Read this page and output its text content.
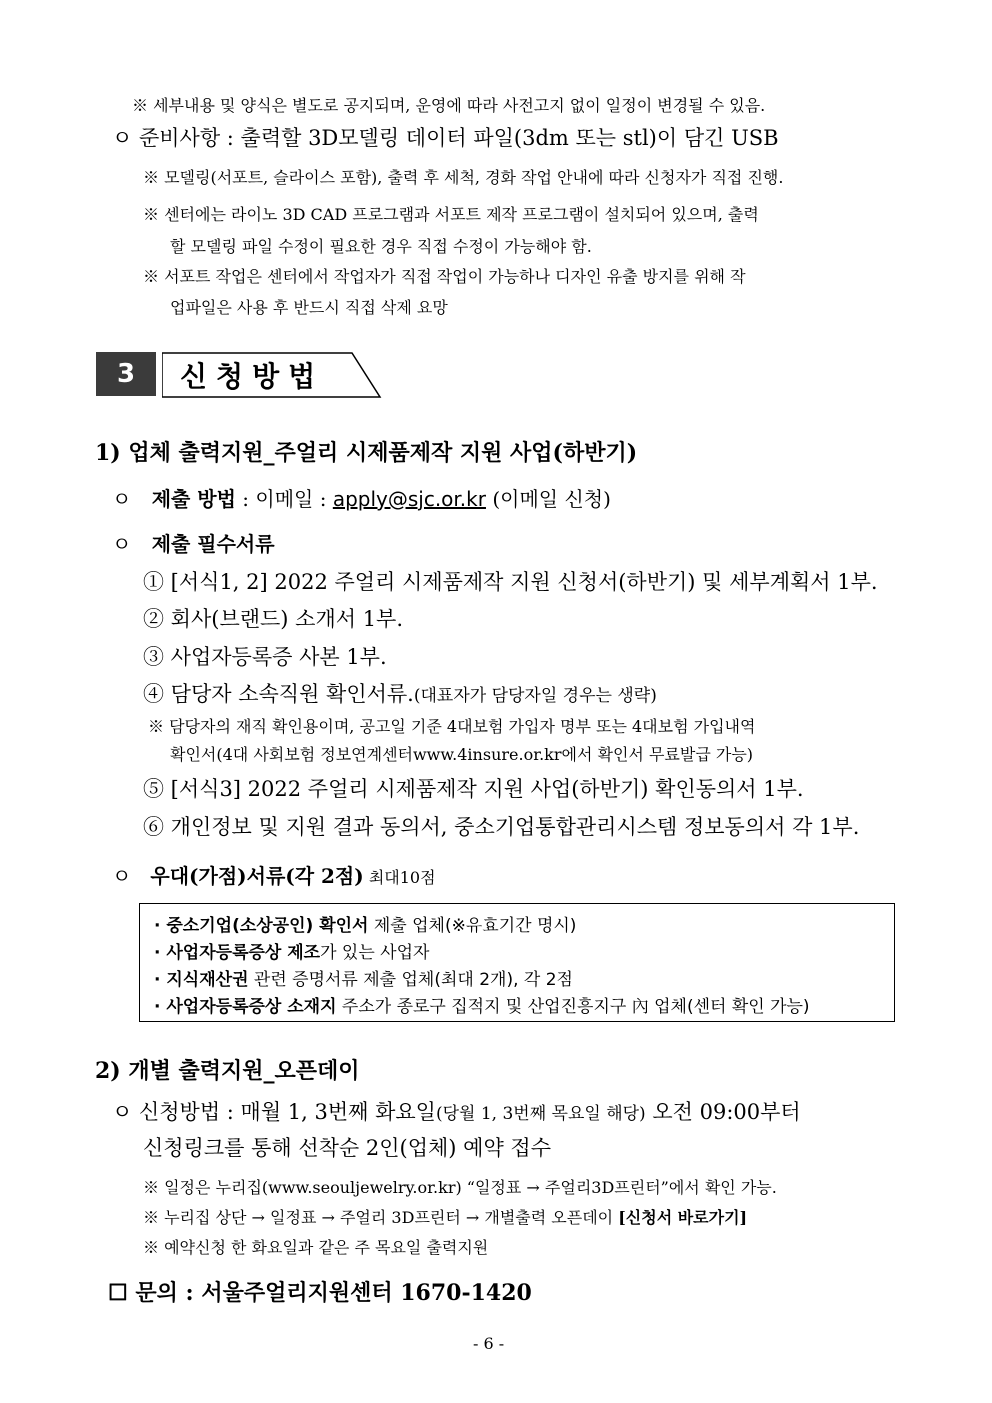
※ 세부내용 및 양식은 별도로 공지되며, 운영에 따라 사전고지 없이 일정이 변경될 수 있음.
ㅇ 준비사항 : 출력할 3D모델링 데이터 파일(3dm 또는 stl)이 담긴 USB
※ 모델링(서포트, 슬라이스 포함), 출력 후 세척, 경화 작업 안내에 따라 신청자가 직접 진행.
※ 센터에는 라이노 3D CAD 프로그램과 서포트 제작 프로그램이 설치되어 있으며, 출력
할 모델링 파일 수정이 필요한 경우 직접 수정이 가능해야 함.
※ 서포트 작업은 센터에서 작업자가 직접 작업이 가능하나 디자인 유출 방지를 위해 작
업파일은 사용 후 반드시 직접 삭제 요망
3	신청방법
1) 업체 출력지원_주얼리 시제품제작 지원 사업(하반기)
ㅇ 제출 방법 : 이메일 : apply@sjc.or.kr (이메일 신청)
ㅇ 제출 필수서류
① [서식1, 2] 2022 주얼리 시제품제작 지원 신청서(하반기) 및 세부계획서 1부.
② 회사(브랜드) 소개서 1부.
③ 사업자등록증 사본 1부.
④ 담당자 소속직원 확인서류.(대표자가 담당자일 경우는 생략)
※ 담당자의 재직 확인용이며, 공고일 기준 4대보험 가입자 명부 또는 4대보험 가입내역
확인서(4대 사회보험 정보연계센터www.4insure.or.kr에서 확인서 무료발급 가능)
⑤ [서식3] 2022 주얼리 시제품제작 지원 사업(하반기) 확인동의서 1부.
⑥ 개인정보 및 지원 결과 동의서, 중소기업통합관리시스템 정보동의서 각 1부.
ㅇ 우대(가점)서류(각 2점) 최대10점
· 중소기업(소상공인) 확인서 제출 업체(※유효기간 명시)
· 사업자등록증상 제조가 있는 사업자
· 지식재산권 관련 증명서류 제출 업체(최대 2개), 각 2점
· 사업자등록증상 소재지 주소가 종로구 집적지 및 산업진흥지구 內 업체(센터 확인 가능)
2) 개별 출력지원_오픈데이
ㅇ 신청방법 : 매월 1, 3번째 화요일(당월 1, 3번째 목요일 해당) 오전 09:00부터
신청링크를 통해 선착순 2인(업체) 예약 접수
※ 일정은 누리집(www.seouljewelry.or.kr) “일정표 → 주얼리3D프린터”에서 확인 가능.
※ 누리집 상단 → 일정표 → 주얼리 3D프린터 → 개별출력 오픈데이 [신청서 바로가기]
※ 예약신청 한 화요일과 같은 주 목요일 출력지원
☐ 문의 : 서울주얼리지원센터 1670-1420
- 6 -
